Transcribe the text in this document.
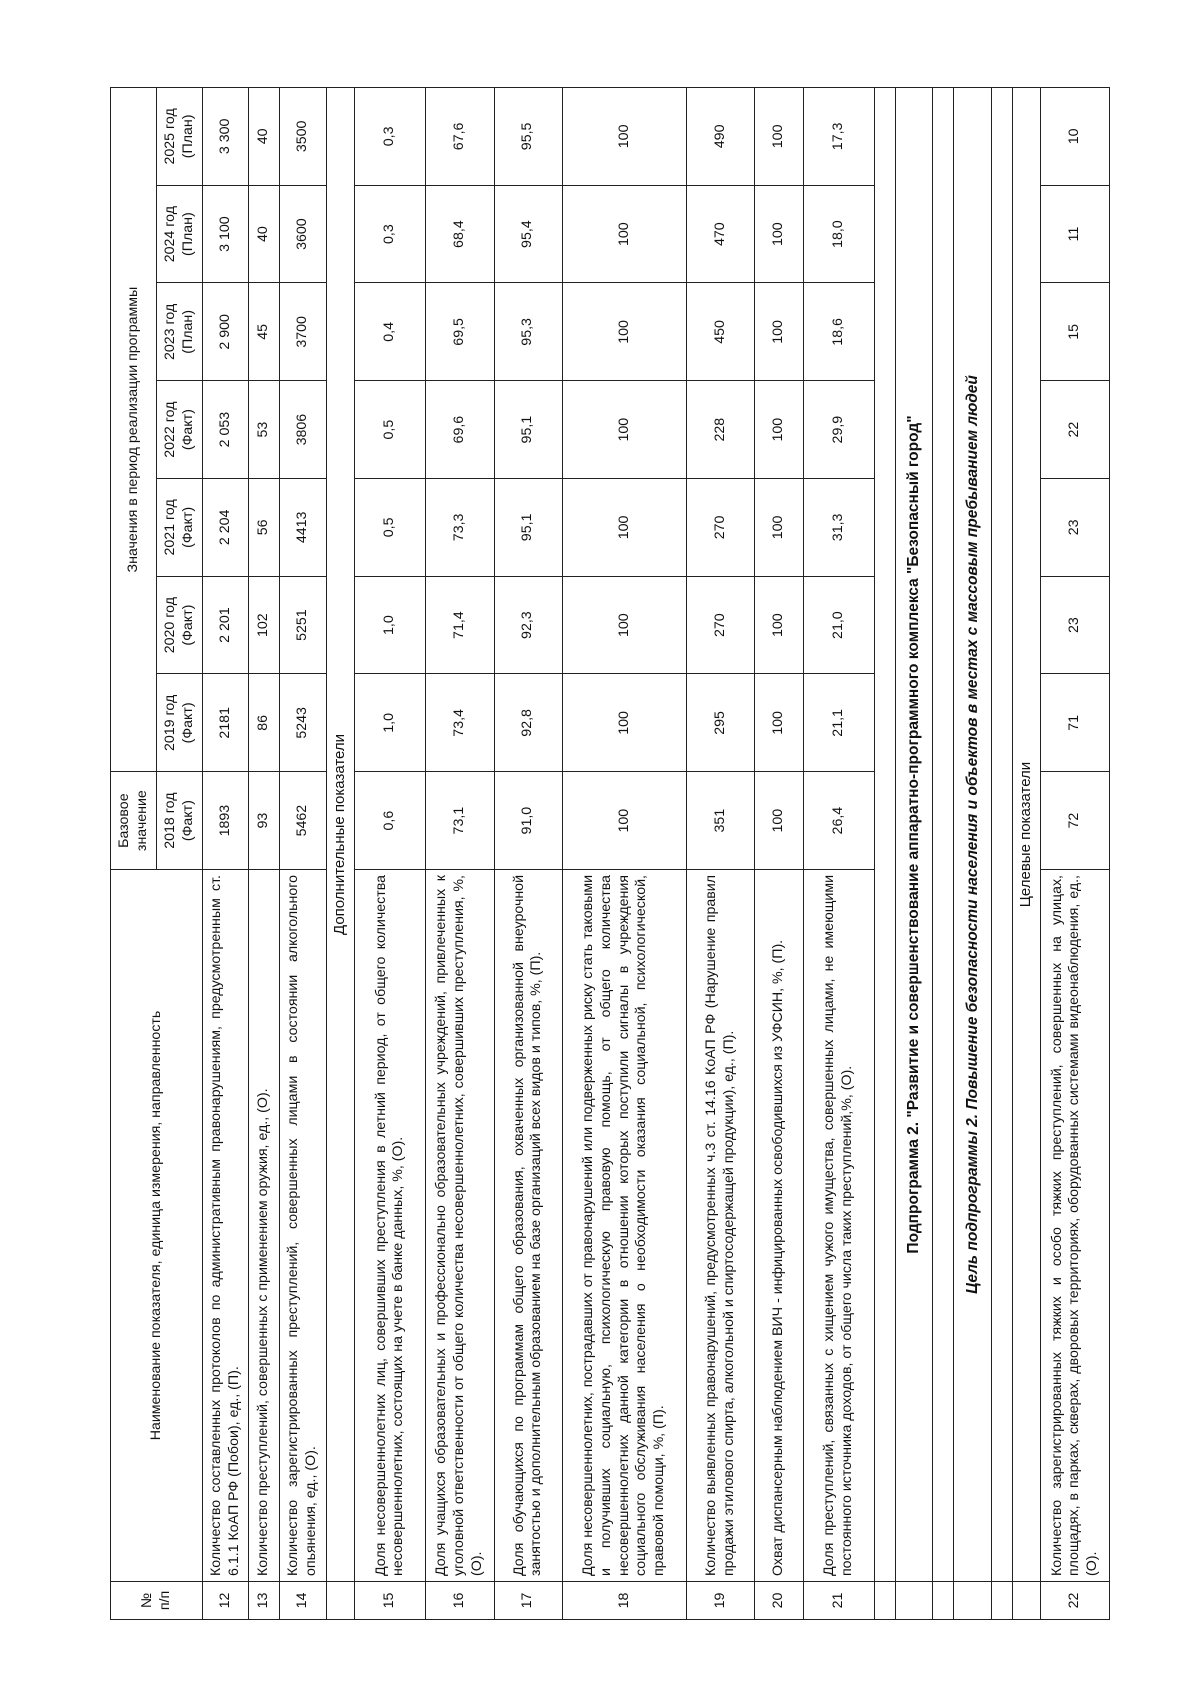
№ п/п	Наименование показателя, единица измерения, направленность	Базовое значение	Значения в период реализации программы						
		2018 год (Факт)	2019 год (Факт)	2020 год (Факт)	2021 год (Факт)	2022 год (Факт)	2023 год (План)	2024 год (План)	2025 год (План)
12	Количество составленных протоколов по административным правонарушениям, предусмотренным ст. 6.1.1 КоАП РФ (Побои), ед., (П).	1893	2181	2 201	2 204	2 053	2 900	3 100	3 300
13	Количество преступлений, совершенных с применением оружия, ед., (О).	93	86	102	56	53	45	40	40
14	Количество зарегистрированных преступлений, совершенных лицами в состоянии алкогольного опьянения, ед., (О).	5462	5243	5251	4413	3806	3700	3600	3500
	Дополнительные показатели								
15	Доля несовершеннолетних лиц, совершивших преступления в летний период, от общего количества несовершеннолетних, состоящих на учете в банке данных, %, (О).	0,6	1,0	1,0	0,5	0,5	0,4	0,3	0,3
16	Доля учащихся образовательных и профессионально образовательных учреждений, привлеченных к уголовной ответственности от общего количества несовершеннолетних, совершивших преступления, %, (О).	73,1	73,4	71,4	73,3	69,6	69,5	68,4	67,6
17	Доля обучающихся по программам общего образования, охваченных организованной внеурочной занятостью и дополнительным образованием на базе организаций всех видов и типов, %, (П).	91,0	92,8	92,3	95,1	95,1	95,3	95,4	95,5
18	Доля несовершеннолетних, пострадавших от правонарушений или подверженных риску стать таковыми и получивших социальную, психологическую правовую помощь, от общего количества несовершеннолетних данной категории в отношении которых поступили сигналы в учреждения социального обслуживания населения о необходимости оказания социальной, психологической, правовой помощи, %, (П).	100	100	100	100	100	100	100	100
19	Количество выявленных правонарушений, предусмотренных ч.3 ст. 14.16 КоАП РФ (Нарушение правил продажи этилового спирта, алкогольной и спиртосодержащей продукции), ед., (П).	351	295	270	270	228	450	470	490
20	Охват диспансерным наблюдением ВИЧ - инфицированных освободившихся из УФСИН, %, (П).	100	100	100	100	100	100	100	100
21	Доля преступлений, связанных с хищением чужого имущества, совершенных лицами, не имеющими постоянного источника доходов, от общего числа таких преступлений,%, (О).	26,4	21,1	21,0	31,3	29,9	18,6	18,0	17,3

	Подпрограмма 2. "Развитие и совершенствование аппаратно-программного комплекса "Безопасный город"								

	Цель подпрограммы 2. Повышение безопасности населения и объектов в местах с массовым пребыванием людей								

	Целевые показатели								
22	Количество зарегистрированных тяжких и особо тяжких преступлений, совершенных на улицах, площадях, в парках, скверах, дворовых территориях, оборудованных системами видеонаблюдения, ед., (О).	72	71	23	23	22	15	11	10
